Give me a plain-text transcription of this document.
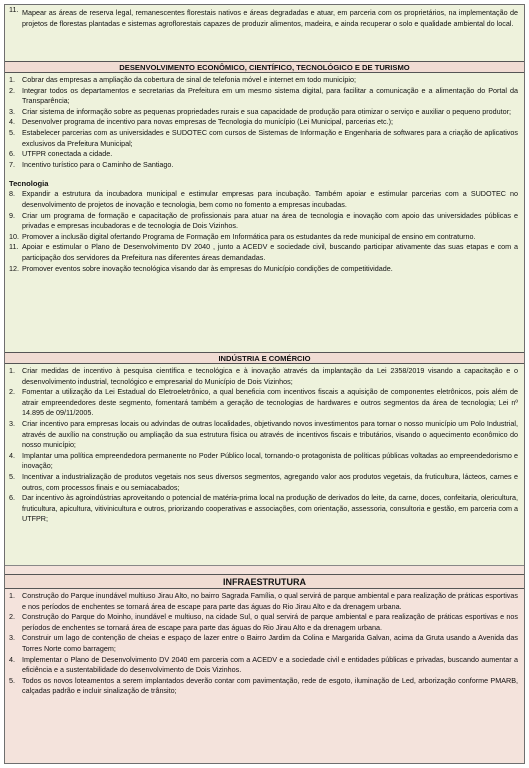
11. Mapear as áreas de reserva legal, remanescentes florestais nativos e áreas degradadas e atuar, em parceria com os proprietários, na implementação de projetos de florestas plantadas e sistemas agroflorestais capazes de produzir alimentos, madeira, e ainda recuperar o solo e qualidade ambiental do local.

DESENVOLVIMENTO ECONÔMICO, CIENTÍFICO, TECNOLÓGICO E DE TURISMO
1. Cobrar das empresas a ampliação da cobertura de sinal de telefonia móvel e internet em todo município;

2. Integrar todos os departamentos e secretarias da Prefeitura em um mesmo sistema digital, para facilitar a comunicação e a alimentação do Portal da Transparência;

3. Criar sistema de informação sobre as pequenas propriedades rurais e sua capacidade de produção para otimizar o serviço e auxiliar o pequeno produtor;

4. Desenvolver programa de incentivo para novas empresas de Tecnologia do município (Lei Municipal, parcerias etc.);

5. Estabelecer parcerias com as universidades e SUDOTEC com cursos de Sistemas de Informação e Engenharia de softwares para a criação de aplicativos exclusivos da Prefeitura Municipal;

6. UTFPR conectada a cidade.

7. Incentivo turístico para o Caminho de Santiago.

Tecnologia
8. Expandir a estrutura da incubadora municipal e estimular empresas para incubação. Também apoiar e estimular parcerias com a SUDOTEC no desenvolvimento de projetos de inovação e tecnologia, bem como no fomento a empresas incubadas.

9. Criar um programa de formação e capacitação de profissionais para atuar na área de tecnologia e inovação com apoio das universidades públicas e privadas e empresas incubadoras e de tecnologia de Dois Vizinhos.

10. Promover a inclusão digital ofertando Programa de Formação em Informática para os estudantes da rede municipal de ensino em contraturno.

11. Apoiar e estimular o Plano de Desenvolvimento DV 2040 , junto a ACEDV e sociedade civil, buscando participar ativamente das suas etapas e com a participação dos servidores da Prefeitura nas diferentes áreas demandadas.

12. Promover eventos sobre inovação tecnológica visando dar às empresas do Município condições de competitividade.

INDÚSTRIA E COMÉRCIO
1. Criar medidas de incentivo à pesquisa científica e tecnológica e à inovação através da implantação da Lei 2358/2019 visando a capacitação e o desenvolvimento industrial, tecnológico e empresarial do Município de Dois Vizinhos;

2. Fomentar a utilização da Lei Estadual do Eletroeletrônico, a qual beneficia com incentivos fiscais a aquisição de componentes eletrônicos, pois além de atrair empreendedores deste segmento, fomentará também a geração de tecnologias de hardwares e outros segmentos da área de tecnologia; Lei nº 14.895 de 09/11/2005.

3. Criar incentivo para empresas locais ou advindas de outras localidades, objetivando novos investimentos para tornar o nosso município um Polo Industrial, através de auxílio na construção ou ampliação da sua estrutura física ou através de incentivos fiscais e tributários, visando o aquecimento econômico do nosso município;

4. Implantar uma política empreendedora permanente no Poder Público local, tornando-o protagonista de políticas públicas voltadas ao empreendedorismo e inovação;

5. Incentivar a industrialização de produtos vegetais nos seus diversos segmentos, agregando valor aos produtos vegetais, da fruticultura, lácteos, carnes e outros, com processos finais e ou semiacabados;

6. Dar incentivo às agroindústrias aproveitando o potencial de matéria-prima local na produção de derivados do leite, da carne, doces, confeitaria, olericultura, fruticultura, apicultura, vitivinicultura e outros, priorizando cooperativas e associações, com orientação, assessoria, consultoria e gestão, em parceria com a UTFPR;

INFRAESTRUTURA
1. Construção do Parque inundável multiuso Jirau Alto, no bairro Sagrada Família, o qual servirá de parque ambiental e para realização de práticas esportivas e nos períodos de enchentes se tornará área de escape para parte das águas do Rio Jirau Alto e da drenagem urbana.

2. Construção do Parque do Moinho, inundável e multiuso, na cidade Sul, o qual servirá de parque ambiental e para realização de práticas esportivas e nos períodos de enchentes se tornará área de escape para parte das águas do Rio Jirau Alto e da drenagem urbana.

3. Construir um lago de contenção de cheias e espaço de lazer entre o Bairro Jardim da Colina e Margarida Galvan, acima da Gruta usando a Avenida das Torres Norte como barragem;

4. Implementar o Plano de Desenvolvimento DV 2040 em parceria com a ACEDV e a sociedade civil e entidades públicas e privadas, buscando aumentar a eficiência e a sustentabilidade do desenvolvimento de Dois Vizinhos.

5. Todos os novos loteamentos a serem implantados deverão contar com pavimentação, rede de esgoto, iluminação de Led, arborização conforme PMARB, calçadas padrão e incluir sinalização de trânsito;
